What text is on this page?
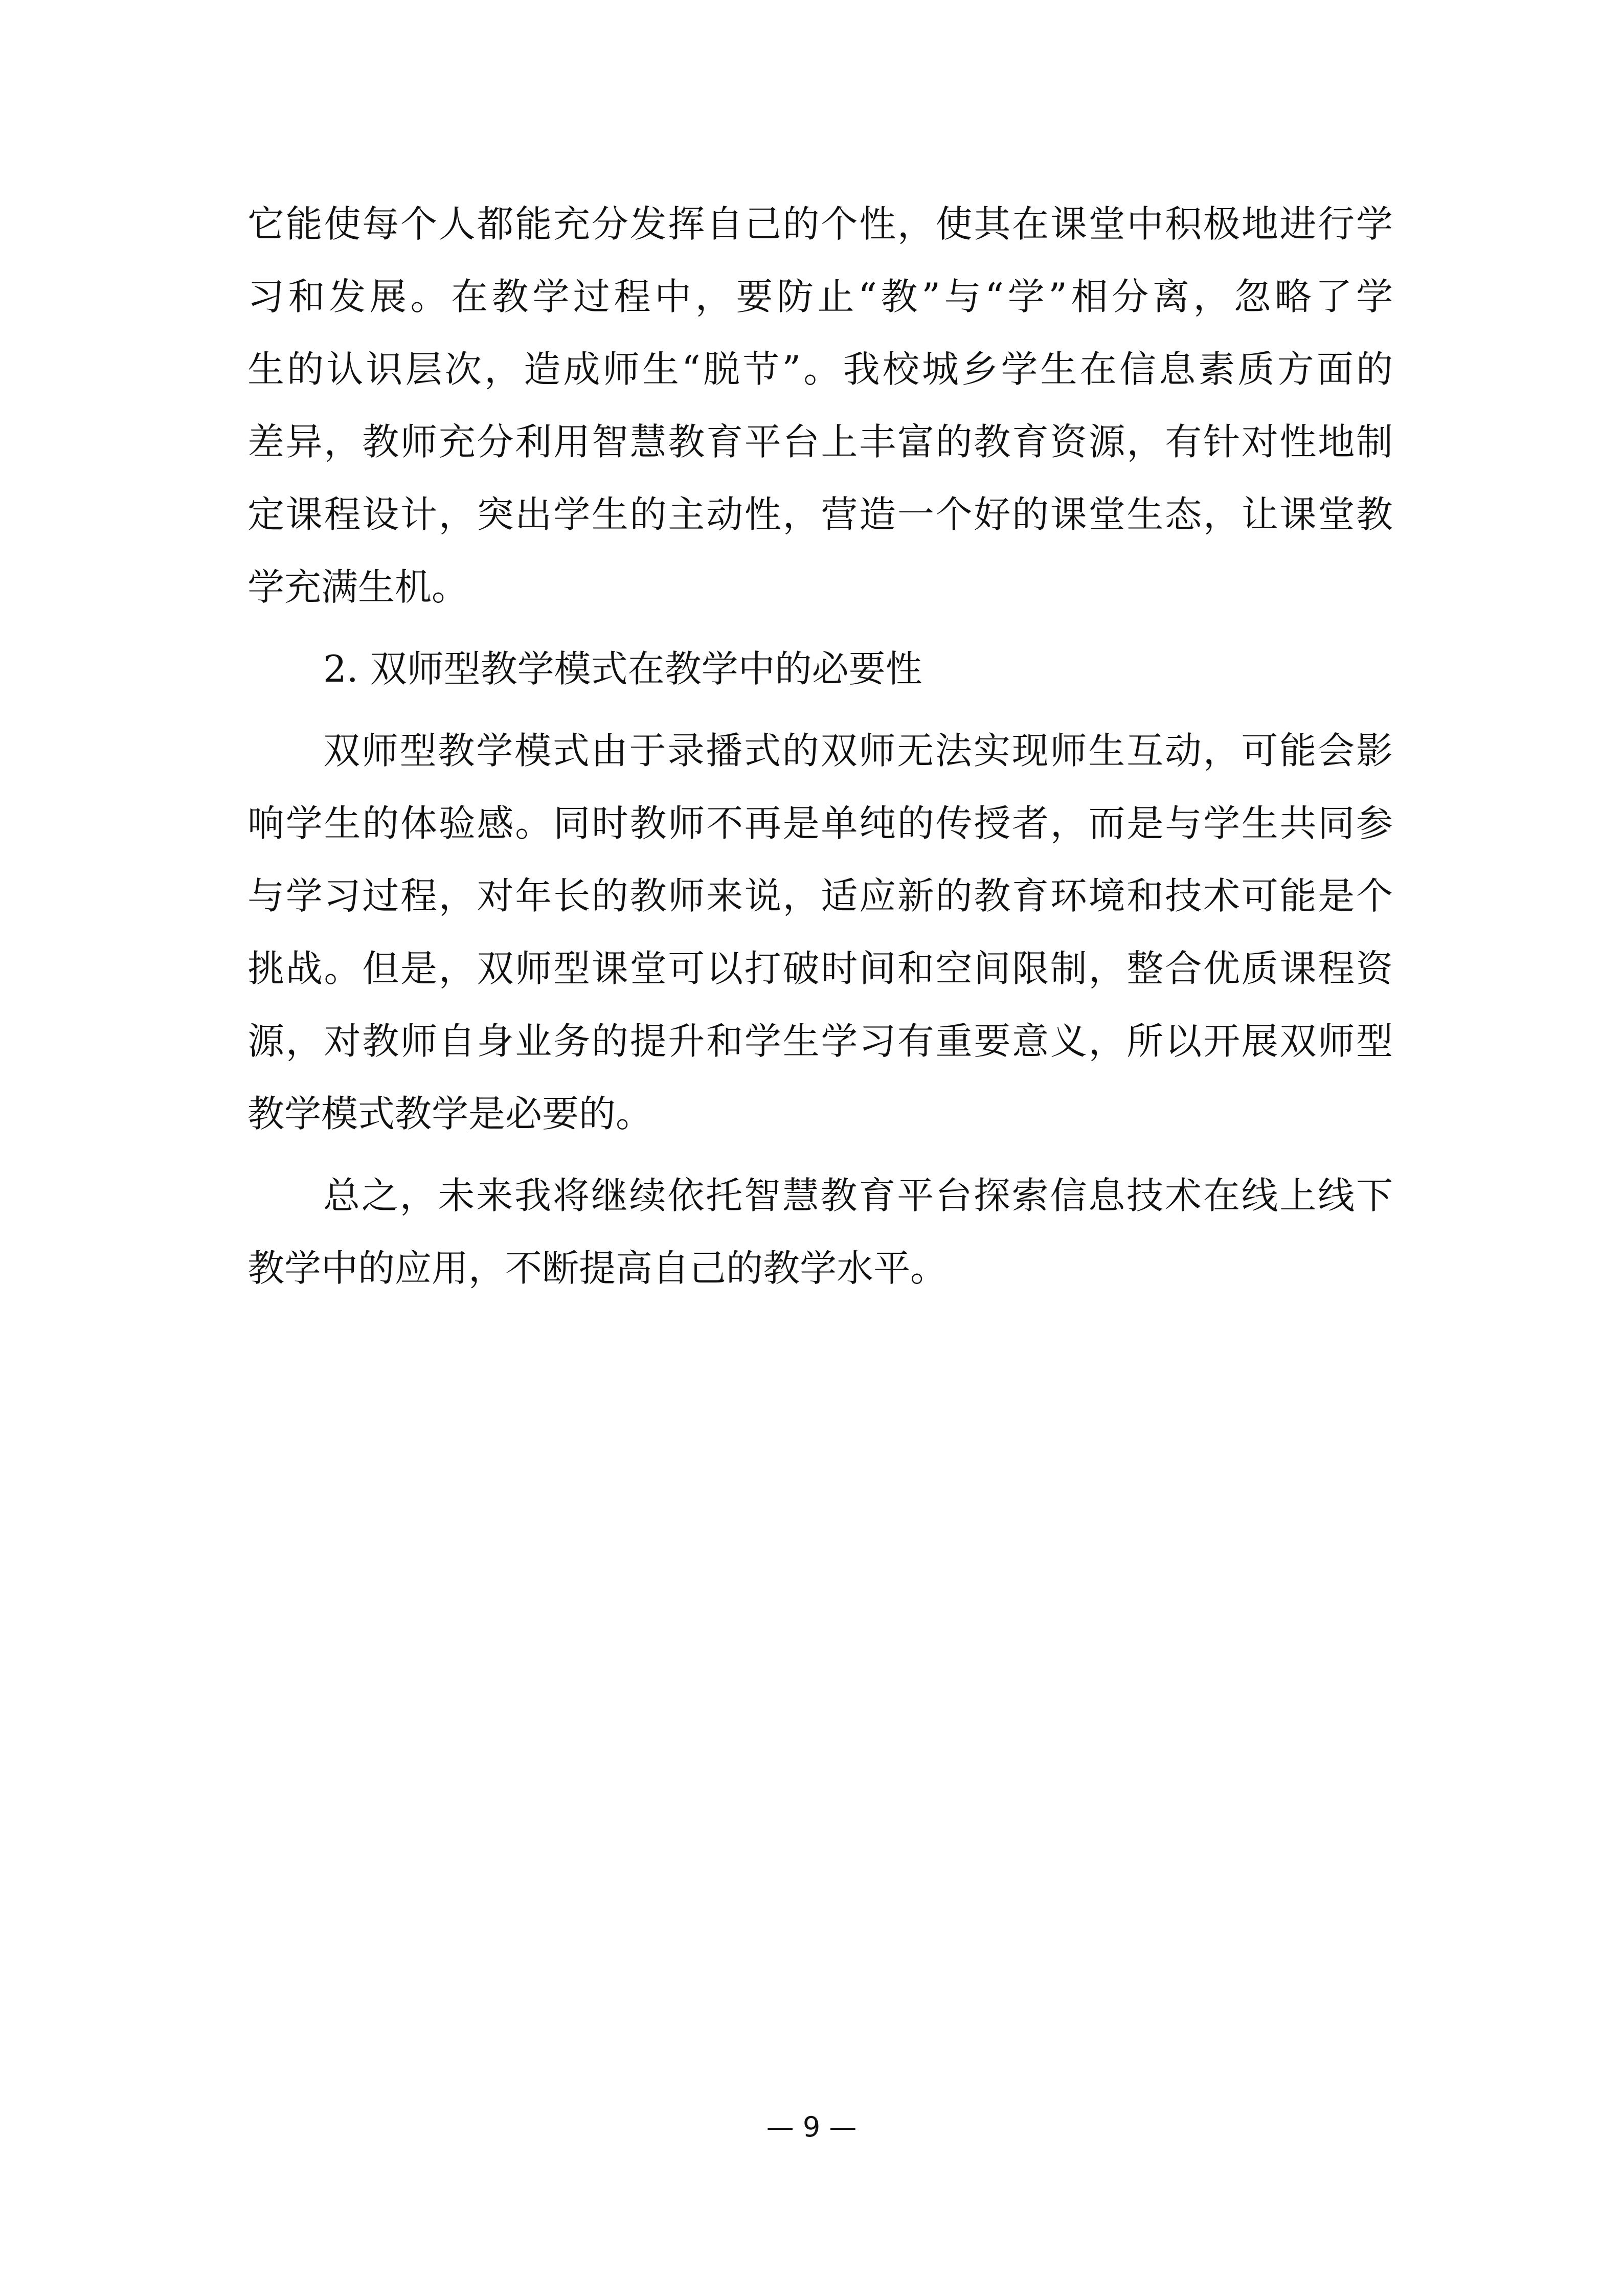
它能使每个人都能充分发挥自己的个性，使其在课堂中积极地进行学
习和发展。在教学过程中，要防止“教”与“学”相分离，忽略了学
生的认识层次，造成师生“脱节”。我校城乡学生在信息素质方面的
差异，教师充分利用智慧教育平台上丰富的教育资源，有针对性地制
定课程设计，突出学生的主动性，营造一个好的课堂生态，让课堂教
学充满生机。
2. 双师型教学模式在教学中的必要性
双师型教学模式由于录播式的双师无法实现师生互动，可能会影
响学生的体验感。同时教师不再是单纯的传授者，而是与学生共同参
与学习过程，对年长的教师来说，适应新的教育环境和技术可能是个
挑战。但是，双师型课堂可以打破时间和空间限制，整合优质课程资
源，对教师自身业务的提升和学生学习有重要意义，所以开展双师型
教学模式教学是必要的。
总之，未来我将继续依托智慧教育平台探索信息技术在线上线下
教学中的应用，不断提高自己的教学水平。
— 9 —
